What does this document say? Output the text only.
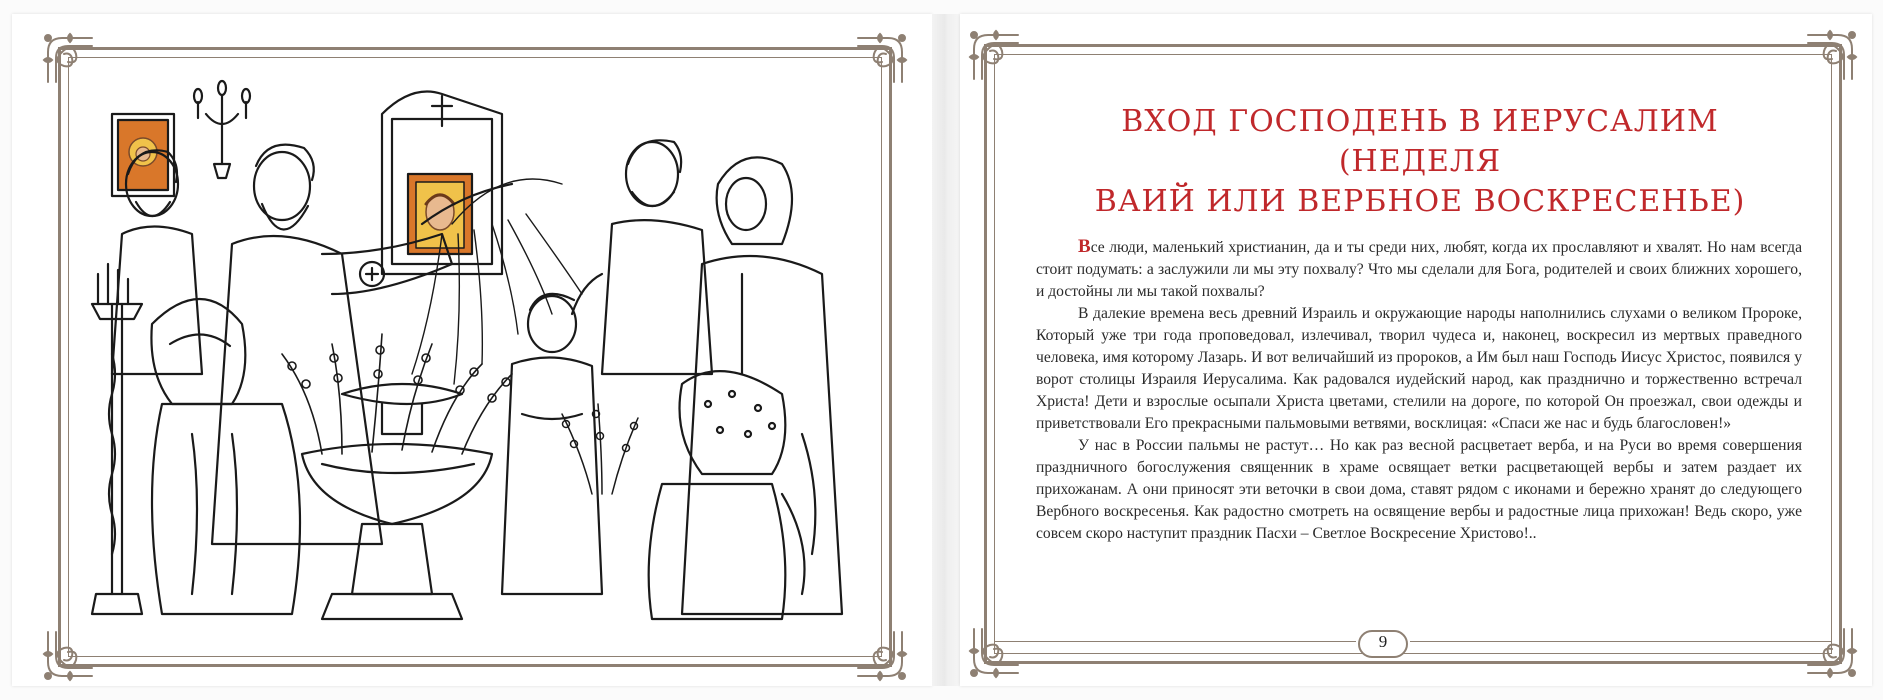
ВХОД ГОСПОДЕНЬ В ИЕРУСАЛИМ (НЕДЕЛЯ
ВАИЙ ИЛИ ВЕРБНОЕ ВОСКРЕСЕНЬЕ)

Все люди, маленький христианин, да и ты среди них, любят, когда их прославляют и хвалят. Но нам всегда стоит подумать: а заслужили ли мы эту похвалу? Что мы сделали для Бога, родителей и своих ближних хорошего, и достойны ли мы такой похвалы?

В далекие времена весь древний Израиль и окружающие народы наполнились слухами о великом Пророке, Который уже три года проповедовал, излечивал, творил чудеса и, наконец, воскресил из мертвых праведного человека, имя которому Лазарь. И вот величайший из пророков, а Им был наш Господь Иисус Христос, появился у ворот столицы Израиля Иерусалима. Как радовался иудейский народ, как празднично и торжественно встречал Христа! Дети и взрослые осыпали Христа цветами, стелили на дороге, по которой Он проезжал, свои одежды и приветствовали Его прекрасными пальмовыми ветвями, восклицая: «Спаси же нас и будь благословен!»

У нас в России пальмы не растут… Но как раз весной расцветает верба, и на Руси во время совершения праздничного богослужения священник в храме освящает ветки расцветающей вербы и затем раздает их прихожанам. А они приносят эти веточки в свои дома, ставят рядом с иконами и бережно хранят до следующего Вербного воскресенья. Как радостно смотреть на освящение вербы и радостные лица прихожан! Ведь скоро, уже совсем скоро наступит праздник Пасхи – Светлое Воскресение Христово!..

9
